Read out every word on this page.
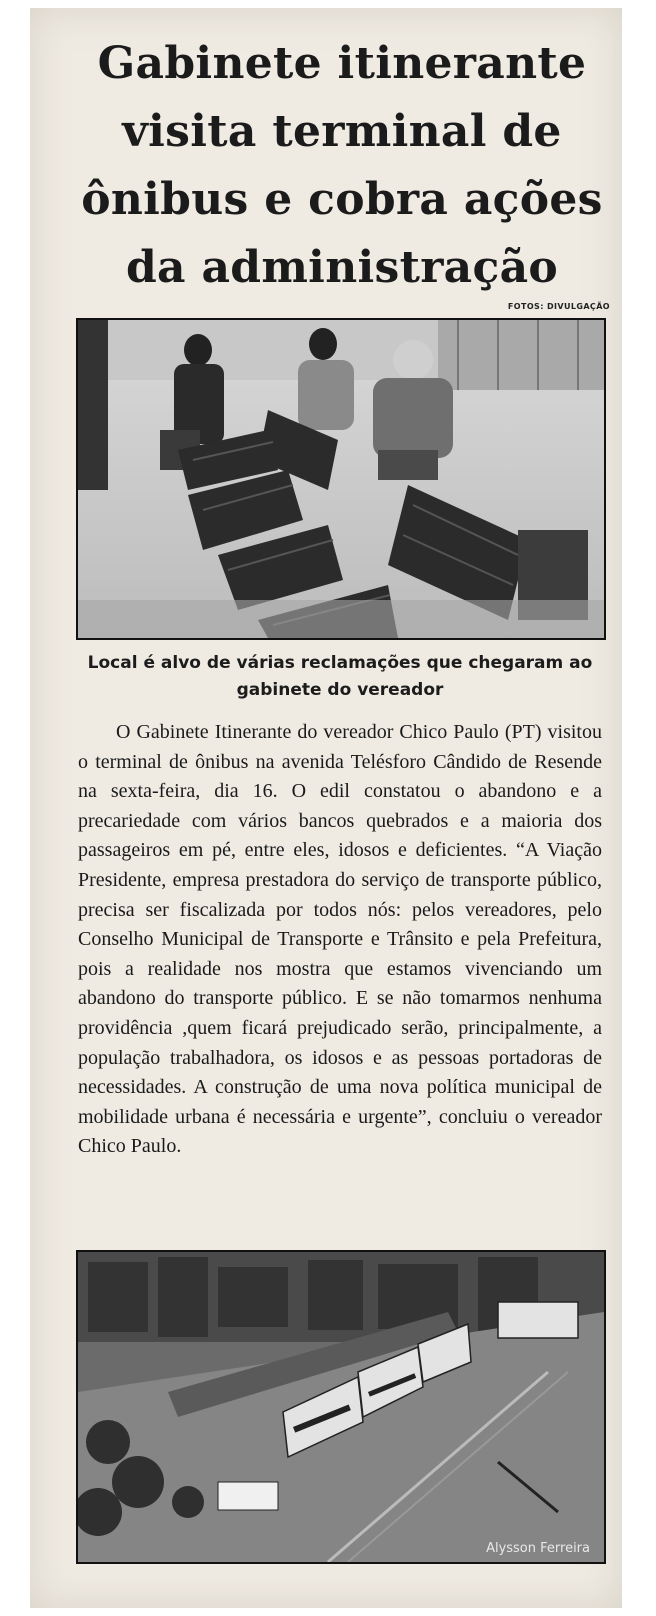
Gabinete itinerante visita terminal de ônibus e cobra ações da administração
FOTOS: DIVULGAÇÃO
Local é alvo de várias reclamações que chegaram ao gabinete do vereador

O Gabinete Itinerante do vereador Chico Paulo (PT) visitou o terminal de ônibus na avenida Telésforo Cândido de Resende na sexta-feira, dia 16. O edil constatou o abandono e a precariedade com vários bancos quebrados e a maioria dos passageiros em pé, entre eles, idosos e deficientes. “A Viação Presidente, empresa prestadora do serviço de transporte público, precisa ser fiscalizada por todos nós: pelos vereadores, pelo Conselho Municipal de Transporte e Trânsito e pela Prefeitura, pois a realidade nos mostra que estamos vivenciando um abandono do transporte público. E se não tomarmos nenhuma providência ,quem ficará prejudicado serão, principalmente, a população trabalhadora, os idosos e as pessoas portadoras de necessidades. A construção de uma nova política municipal de mobilidade urbana é necessária e urgente”, concluiu o vereador Chico Paulo.

Alysson Ferreira
